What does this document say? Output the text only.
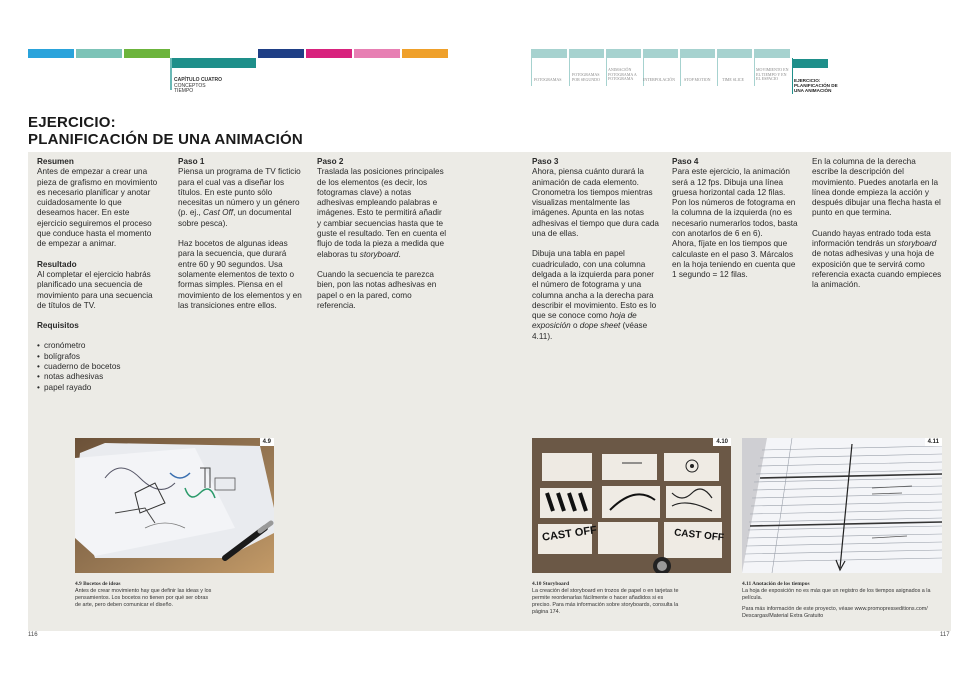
CAPÍTULO CUATRO
CONCEPTOS
TIEMPO
FOTOGRAMAS
FOTOGRAMAS POR SEGUNDO
ANIMACIÓN FOTOGRAMA A FOTOGRAMA	INTERPOLACIÓN	STOP MOTION	TIME SLICE
MOVIMIENTO EN EL TIEMPO Y EN EL ESPACIO	EJERCICIO: PLANIFICACIÓN DE UNA ANIMACIÓN
EJERCICIO:
PLANIFICACIÓN DE UNA ANIMACIÓN
Resumen

Antes de empezar a crear una pieza de grafismo en movimiento es necesario planificar y anotar cuidadosamente lo que deseamos hacer. En este ejercicio seguiremos el proceso que conduce hasta el momento de empezar a animar.

Resultado

Al completar el ejercicio habrás planificado una secuencia de movimiento para una secuencia de títulos de TV.

Requisitos
• cronómetro
• bolígrafos
• cuaderno de bocetos
• notas adhesivas
• papel rayado
Paso 1

Piensa un programa de TV ficticio para el cual vas a diseñar los títulos. En este punto sólo necesitas un número y un género (p. ej., Cast Off, un documental sobre pesca).

Haz bocetos de algunas ideas para la secuencia, que durará entre 60 y 90 segundos. Usa solamente elementos de texto o formas simples. Piensa en el movimiento de los elementos y en las transiciones entre ellos.

Paso 2

Traslada las posiciones principales de los elementos (es decir, los fotogramas clave) a notas adhesivas empleando palabras e imágenes. Esto te permitirá añadir y cambiar secuencias hasta que te guste el resultado. Ten en cuenta el flujo de toda la pieza a medida que elaboras tu storyboard.

Cuando la secuencia te parezca bien, pon las notas adhesivas en papel o en la pared, como referencia.

Paso 3

Ahora, piensa cuánto durará la animación de cada elemento. Cronometra los tiempos mientras visualizas mentalmente las imágenes. Apunta en las notas adhesivas el tiempo que dura cada una de ellas.

Dibuja una tabla en papel cuadriculado, con una columna delgada a la izquierda para poner el número de fotograma y una columna ancha a la derecha para describir el movimiento. Esto es lo que se conoce como hoja de exposición o dope sheet (véase 4.11).

Paso 4

Para este ejercicio, la animación será a 12 fps. Dibuja una línea gruesa horizontal cada 12 filas. Pon los números de fotograma en la columna de la izquierda (no es necesario numerarlos todos, basta con anotarlos de 6 en 6).

Ahora, fíjate en los tiempos que calculaste en el paso 3. Márcalos en la hoja teniendo en cuenta que 1 segundo = 12 filas.

En la columna de la derecha escribe la descripción del movimiento. Puedes anotarla en la línea donde empieza la acción y después dibujar una flecha hasta el punto en que termina.

Cuando hayas entrado toda esta información tendrás un storyboard de notas adhesivas y una hoja de exposición que te servirá como referencia exacta cuando empieces la animación.

4.9
4.9 Bocetos de ideas
Antes de crear movimiento hay que definir las ideas y los pensamientos. Los bocetos no tienen por qué ser obras de arte, pero deben comunicar el diseño.
CAST OFF	CAST OFF
4.10
4.10 Storyboard
La creación del storyboard en trozos de papel o en tarjetas te permite reordenarlas fácilmente o hacer añadidos si es preciso. Para más información sobre storyboards, consulta la página 174.
4.11
4.11 Anotación de los tiempos
La hoja de exposición no es más que un registro de los tiempos asignados a la película.
Para más información de este proyecto, véase www.promopresseditions.com/ Descargas/Material Extra Gratuito
116	117
